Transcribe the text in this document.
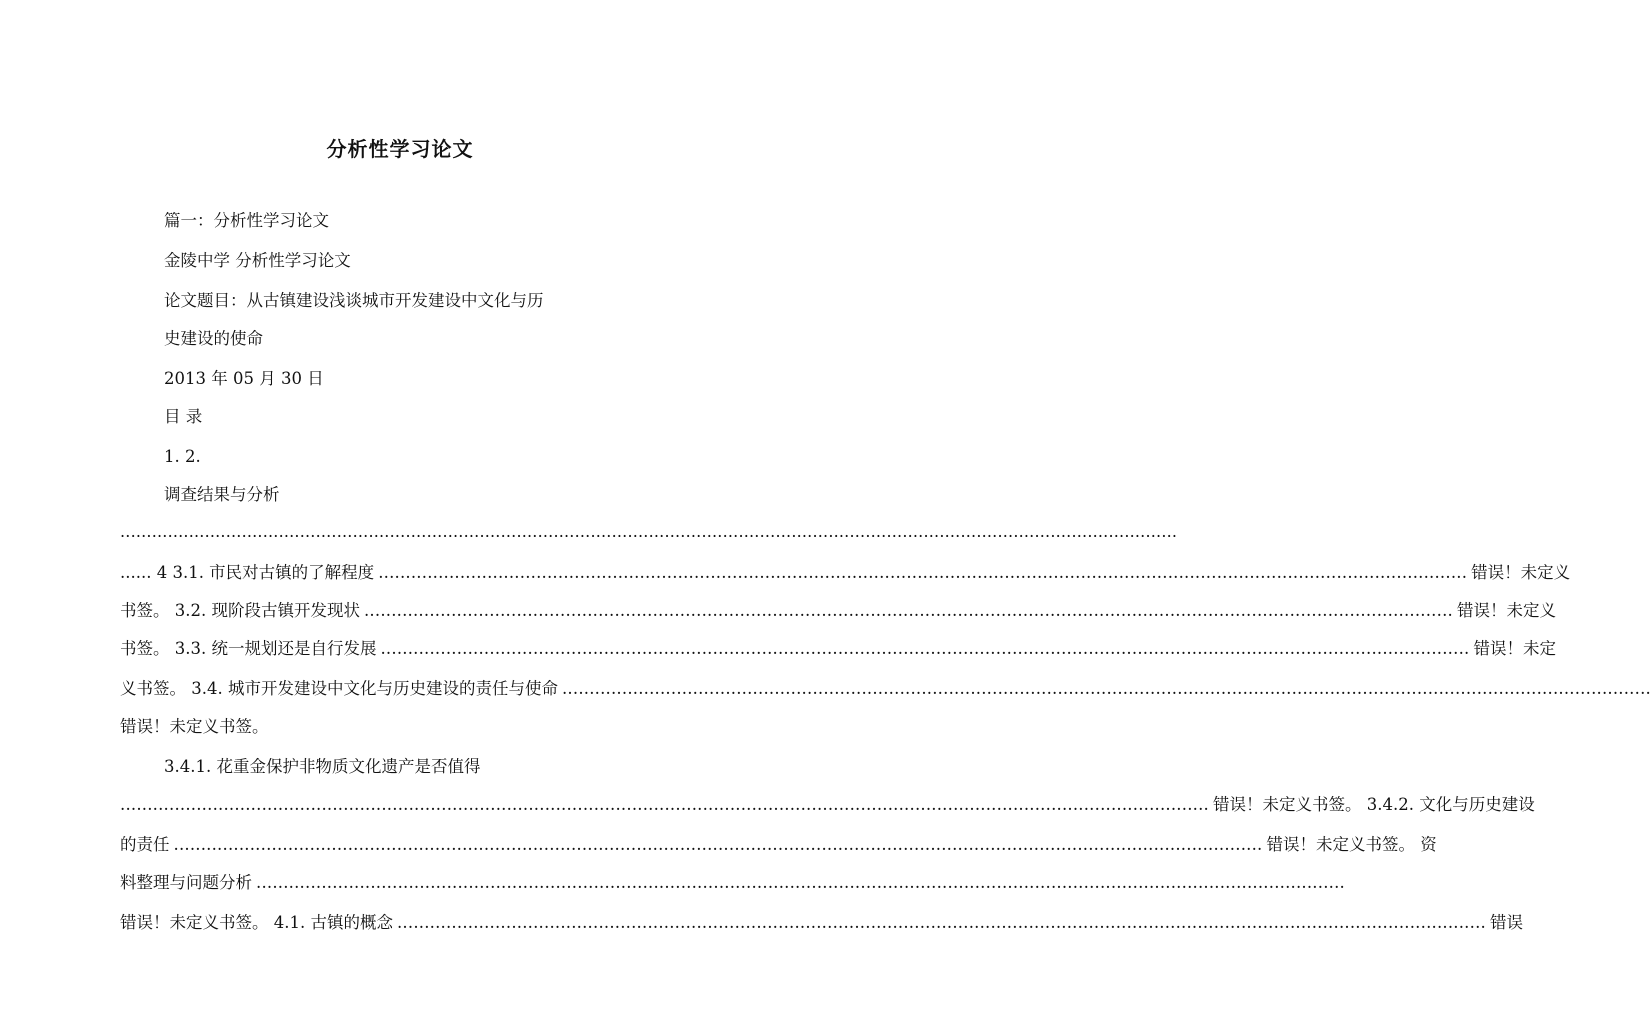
分析性学习论文
篇一：分析性学习论文
金陵中学 分析性学习论文
论文题目：从古镇建设浅谈城市开发建设中文化与历
史建设的使命
2013 年 05 月 30 日
目 录
1. 2.
调查结果与分析
........................................................................................................................................................................................................
...... 4 3.1. 市民对古镇的了解程度 ........................................................................................................................................................................................................ 错误！未定义
书签。 3.2. 现阶段古镇开发现状 ........................................................................................................................................................................................................ 错误！未定义
书签。 3.3. 统一规划还是自行发展 ........................................................................................................................................................................................................ 错误！未定
义书签。 3.4. 城市开发建设中文化与历史建设的责任与使命 ........................................................................................................................................................................................................
错误！未定义书签。
3.4.1. 花重金保护非物质文化遗产是否值得
........................................................................................................................................................................................................ 错误！未定义书签。 3.4.2. 文化与历史建设
的责任 ........................................................................................................................................................................................................ 错误！未定义书签。 资
料整理与问题分析 ........................................................................................................................................................................................................
错误！未定义书签。 4.1. 古镇的概念 ........................................................................................................................................................................................................ 错误
